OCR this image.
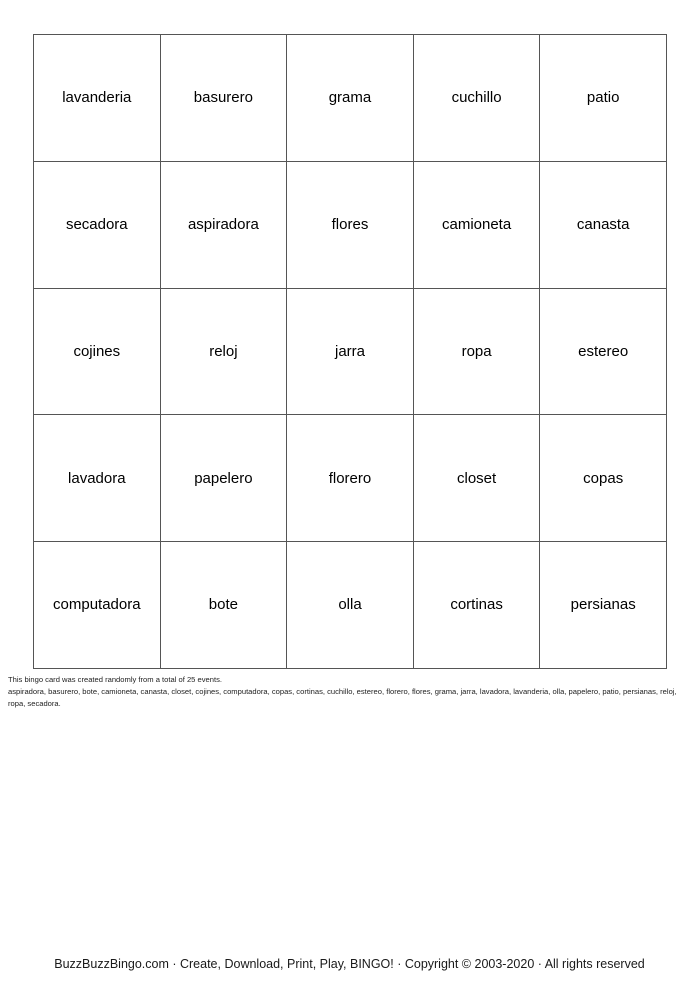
lavanderia	basurero	grama	cuchillo	patio
secadora	aspiradora	flores	camioneta	canasta
cojines	reloj	jarra	ropa	estereo
lavadora	papelero	florero	closet	copas
computadora	bote	olla	cortinas	persianas
This bingo card was created randomly from a total of 25 events.
aspiradora, basurero, bote, camioneta, canasta, closet, cojines, computadora, copas, cortinas, cuchillo, estereo, florero, flores, grama, jarra, lavadora, lavanderia, olla, papelero, patio, persianas, reloj, ropa, secadora.
BuzzBuzzBingo.com · Create, Download, Print, Play, BINGO! · Copyright © 2003-2020 · All rights reserved
